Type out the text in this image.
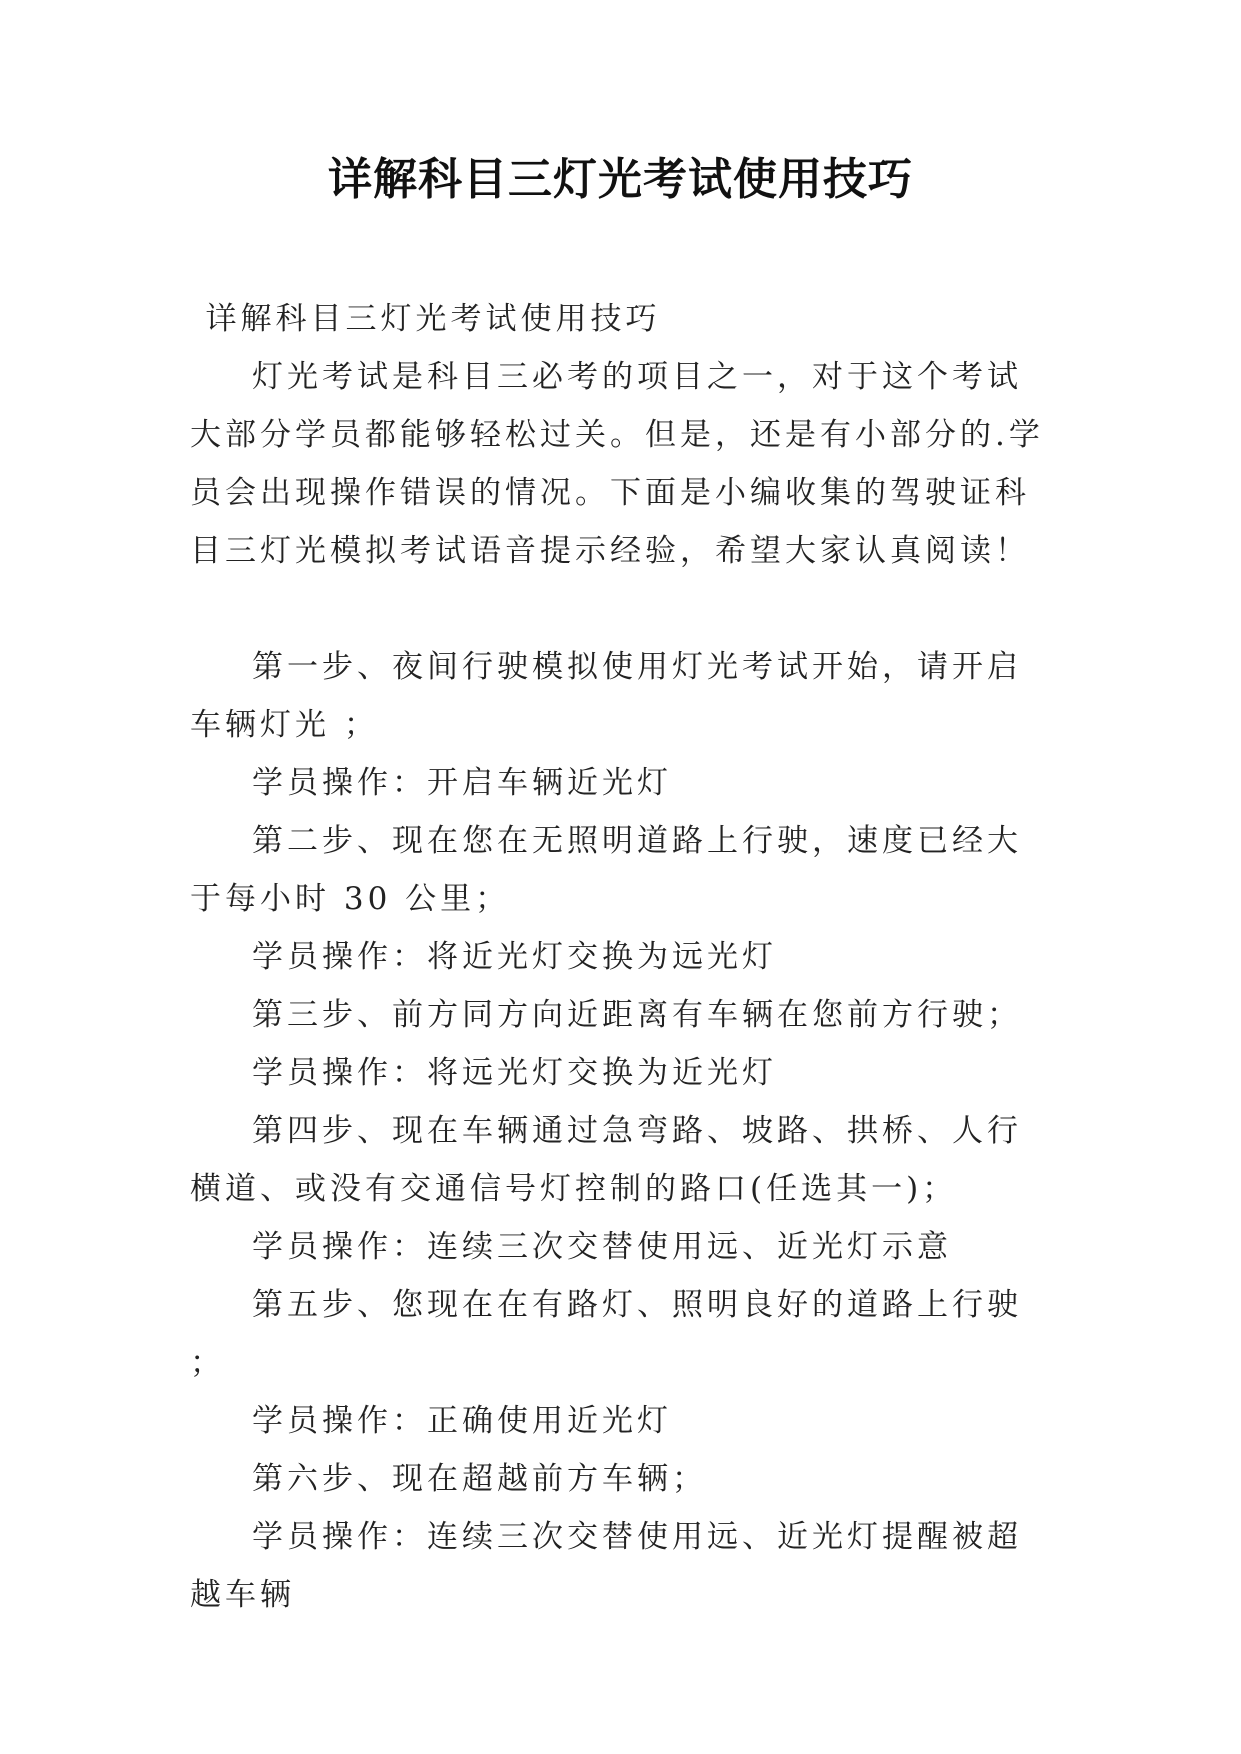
详解科目三灯光考试使用技巧

详解科目三灯光考试使用技巧

灯光考试是科目三必考的项目之一，对于这个考试大部分学员都能够轻松过关。但是，还是有小部分的.学员会出现操作错误的情况。下面是小编收集的驾驶证科目三灯光模拟考试语音提示经验，希望大家认真阅读！

第一步、夜间行驶模拟使用灯光考试开始，请开启车辆灯光 ；

学员操作：开启车辆近光灯

第二步、现在您在无照明道路上行驶，速度已经大于每小时 30 公里；

学员操作：将近光灯交换为远光灯

第三步、前方同方向近距离有车辆在您前方行驶；

学员操作：将远光灯交换为近光灯

第四步、现在车辆通过急弯路、坡路、拱桥、人行横道、或没有交通信号灯控制的路口(任选其一)；

学员操作：连续三次交替使用远、近光灯示意

第五步、您现在在有路灯、照明良好的道路上行驶 ；

学员操作：正确使用近光灯

第六步、现在超越前方车辆；

学员操作：连续三次交替使用远、近光灯提醒被超越车辆
